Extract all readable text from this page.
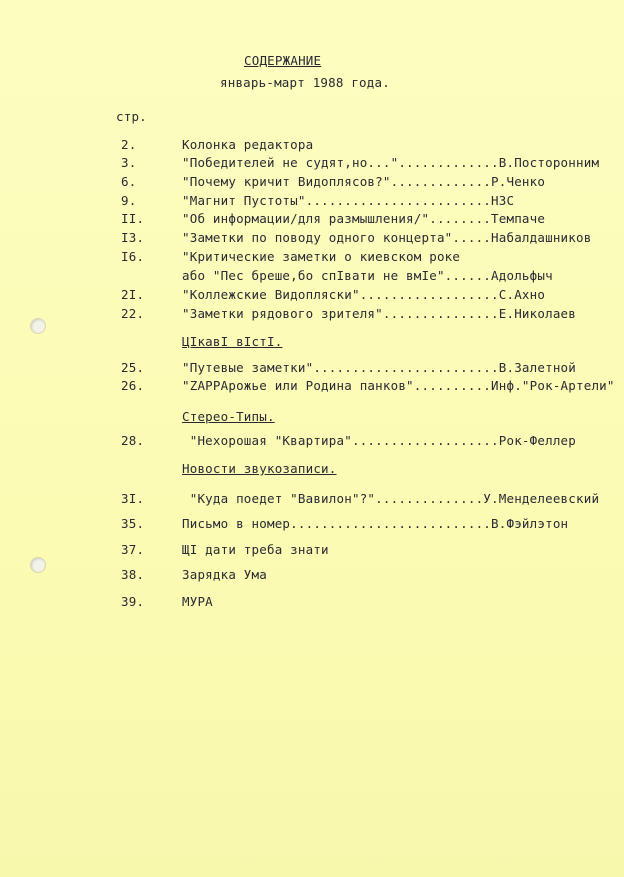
СОДЕРЖАНИЕ
январь-март 1988 года.
стр.
2.	Колонка редактора
3.	"Победителей не судят,но...".............В.Посторонним
6.	"Почему кричит Видоплясов?".............Р.Ченко
9.	"Магнит Пустоты"........................НЗС
II.	"Об информации/для размышления/"........Темпаче
I3.	"Заметки по поводу одного концерта".....Набалдашников
I6.	"Критические заметки о киевском роке
або "Пес бреше,бо спIвати не вмIе"......Адольфыч
2I.	"Коллежские Видопляски"..................С.Ахно
22.	"Заметки рядового зрителя"...............Е.Николаев
ЦIкавI вIстI.
25.	"Путевые заметки"........................В.Залетной
26.	"ZAPPАрожье или Родина панков"..........Инф."Рок-Артели"
Стерео-Типы.
28.	"Нехорошая "Квартира"...................Рок-Феллер
Новости звукозаписи.
3I.	"Куда поедет "Вавилон"?"..............У.Менделеевский
35.	Письмо в номер..........................В.Фэйлэтон
37.	ЩI дати треба знати
38.	Зарядка Ума
39.	МУРА
